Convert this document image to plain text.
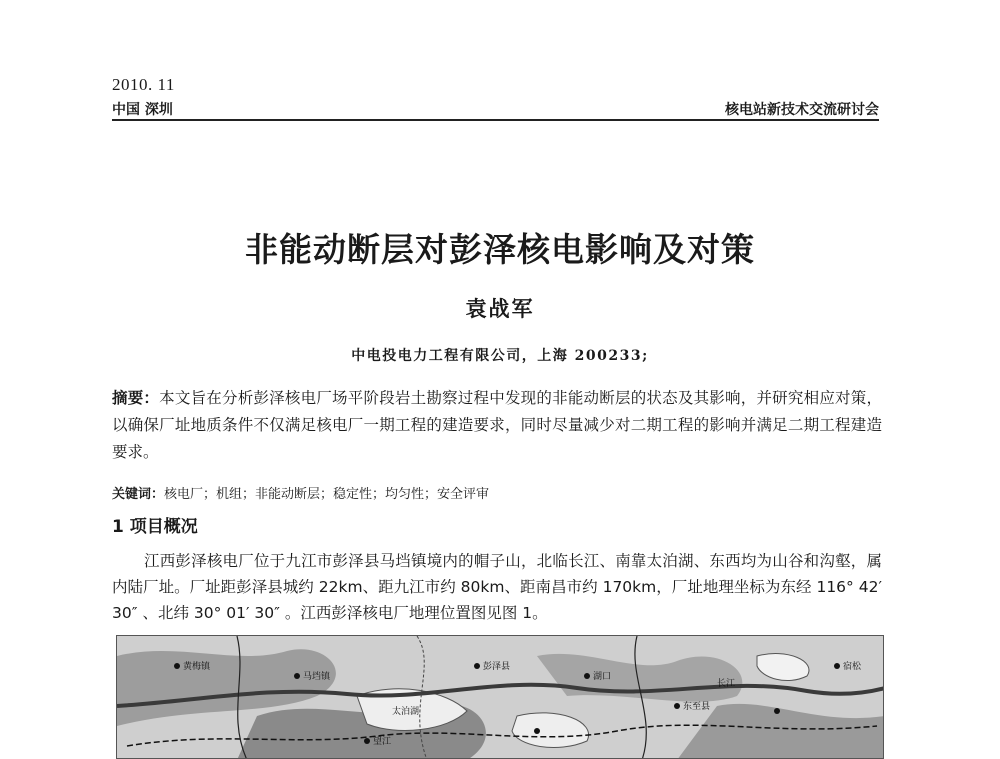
2010. 11
中国 深圳	核电站新技术交流研讨会
非能动断层对彭泽核电影响及对策
袁战军
中电投电力工程有限公司，上海 200233;
摘要：本文旨在分析彭泽核电厂场平阶段岩土勘察过程中发现的非能动断层的状态及其影响，并研究相应对策，以确保厂址地质条件不仅满足核电厂一期工程的建造要求，同时尽量减少对二期工程的影响并满足二期工程建造要求。
关键词：核电厂；机组；非能动断层；稳定性；均匀性；安全评审
1 项目概况
江西彭泽核电厂位于九江市彭泽县马垱镇境内的帽子山，北临长江、南靠太泊湖、东西均为山谷和沟壑，属内陆厂址。厂址距彭泽县城约 22km、距九江市约 80km、距南昌市约 170km，厂址地理坐标为东经 116° 42′ 30″ 、北纬 30° 01′ 30″ 。江西彭泽核电厂地理位置图见图 1。
黄梅镇
马垱镇
彭泽县
湖口
东至县
太泊湖
长江
宿松
望江
